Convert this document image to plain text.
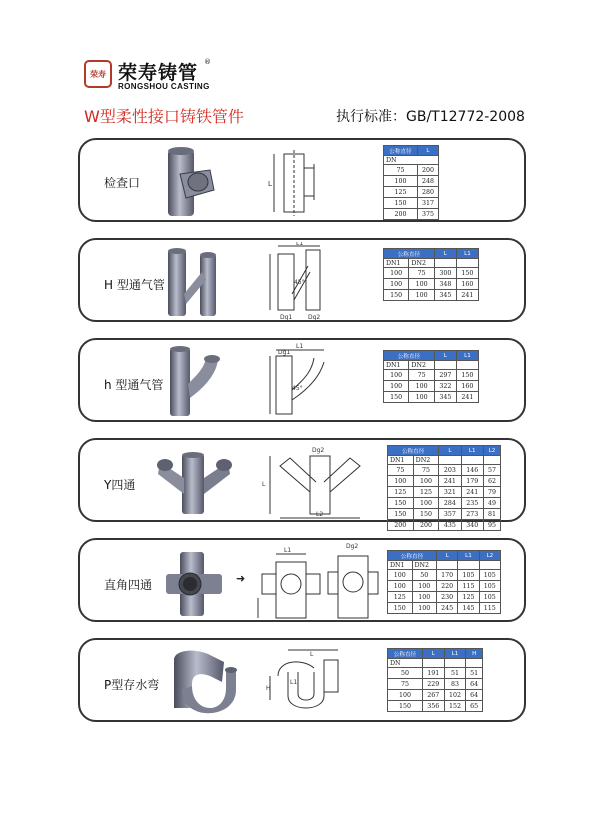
荣寿 荣寿铸管 ®
RONGSHOU CASTING
W型柔性接口铸铁管件	执行标准：GB/T12772-2008
检查口	L
公称直径	L
DN	
75	200
100	248
125	280
150	317
200	375
H 型通气管
L1
45°
Dg1	Dg2
公称直径		L	L1
DN1	DN2		
100	75	300	150
100	100	348	160
150	100	345	241
h 型通气管
L1
Dg1
45°
公称直径		L	L1
DN1	DN2		
100	75	297	150
100	100	322	160
150	100	345	241
Y四通
Dg2
L
L2
公称直径		L	L1	L2
DN1	DN2			
75	75	203	146	57
100	100	241	179	62
125	125	321	241	79
150	100	284	235	49
150	150	357	273	81
200	200	435	340	95
直角四通	➜
L1
Dg2
公称直径		L	L1	L2
DN1	DN2			
100	50	170	105	105
100	100	220	115	105
125	100	230	125	105
150	100	245	145	115
P型存水弯
L
H
L1
公称直径	L	L1	H
DN			
50	191	51	51
75	229	83	64
100	267	102	64
150	356	152	65
